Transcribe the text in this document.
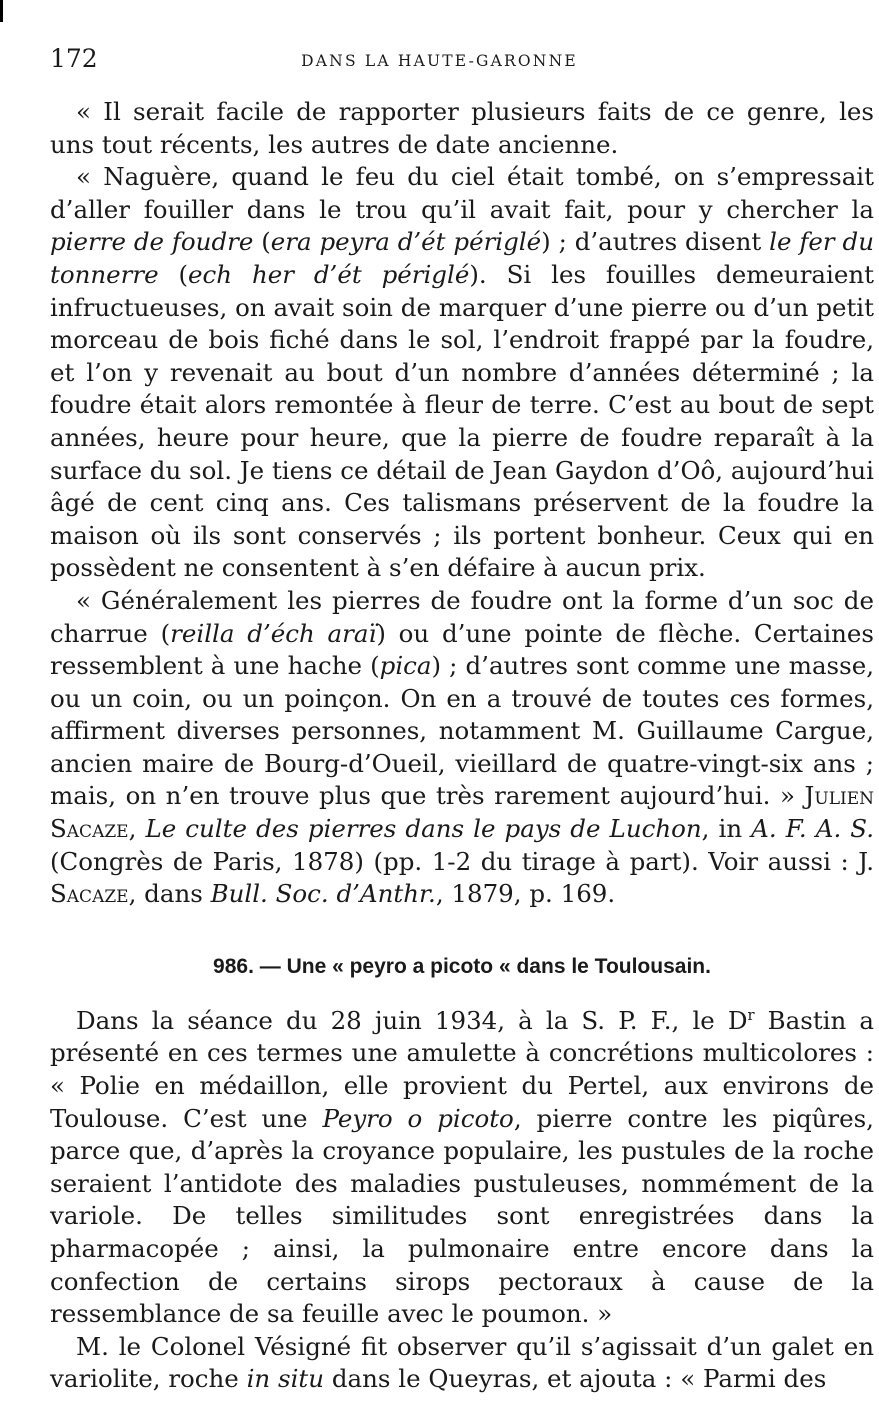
172	DANS LA HAUTE-GARONNE

« Il serait facile de rapporter plusieurs faits de ce genre, les uns tout récents, les autres de date ancienne.

« Naguère, quand le feu du ciel était tombé, on s’empressait d’aller fouiller dans le trou qu’il avait fait, pour y chercher la pierre de foudre (era peyra d’ét périglé) ; d’autres disent le fer du tonnerre (ech her d’ét périglé). Si les fouilles demeuraient infructueuses, on avait soin de marquer d’une pierre ou d’un petit morceau de bois fiché dans le sol, l’endroit frappé par la foudre, et l’on y revenait au bout d’un nombre d’années déterminé ; la foudre était alors remontée à fleur de terre. C’est au bout de sept années, heure pour heure, que la pierre de foudre reparaît à la surface du sol. Je tiens ce détail de Jean Gaydon d’Oô, aujourd’hui âgé de cent cinq ans. Ces talismans préservent de la foudre la maison où ils sont conservés ; ils portent bonheur. Ceux qui en possèdent ne consentent à s’en défaire à aucun prix.

« Généralement les pierres de foudre ont la forme d’un soc de charrue (reilla d’éch araï) ou d’une pointe de flèche. Certaines ressemblent à une hache (pica) ; d’autres sont comme une masse, ou un coin, ou un poinçon. On en a trouvé de toutes ces formes, affirment diverses personnes, notamment M. Guillaume Cargue, ancien maire de Bourg-d’Oueil, vieillard de quatre-vingt-six ans ; mais, on n’en trouve plus que très rarement aujourd’hui. » Julien Sacaze, Le culte des pierres dans le pays de Luchon, in A. F. A. S. (Congrès de Paris, 1878) (pp. 1-2 du tirage à part). Voir aussi : J. Sacaze, dans Bull. Soc. d’Anthr., 1879, p. 169.

986. — Une « peyro a picoto « dans le Toulousain.

Dans la séance du 28 juin 1934, à la S. P. F., le $D^r$ Bastin a présenté en ces termes une amulette à concrétions multicolores : « Polie en médaillon, elle provient du Pertel, aux environs de Toulouse. C’est une Peyro o picoto, pierre contre les piqûres, parce que, d’après la croyance populaire, les pustules de la roche seraient l’antidote des maladies pustuleuses, nommément de la variole. De telles similitudes sont enregistrées dans la pharmacopée ; ainsi, la pulmonaire entre encore dans la confection de certains sirops pectoraux à cause de la ressemblance de sa feuille avec le poumon. »

M. le Colonel Vésigné fit observer qu’il s’agissait d’un galet en variolite, roche in situ dans le Queyras, et ajouta : « Parmi des
